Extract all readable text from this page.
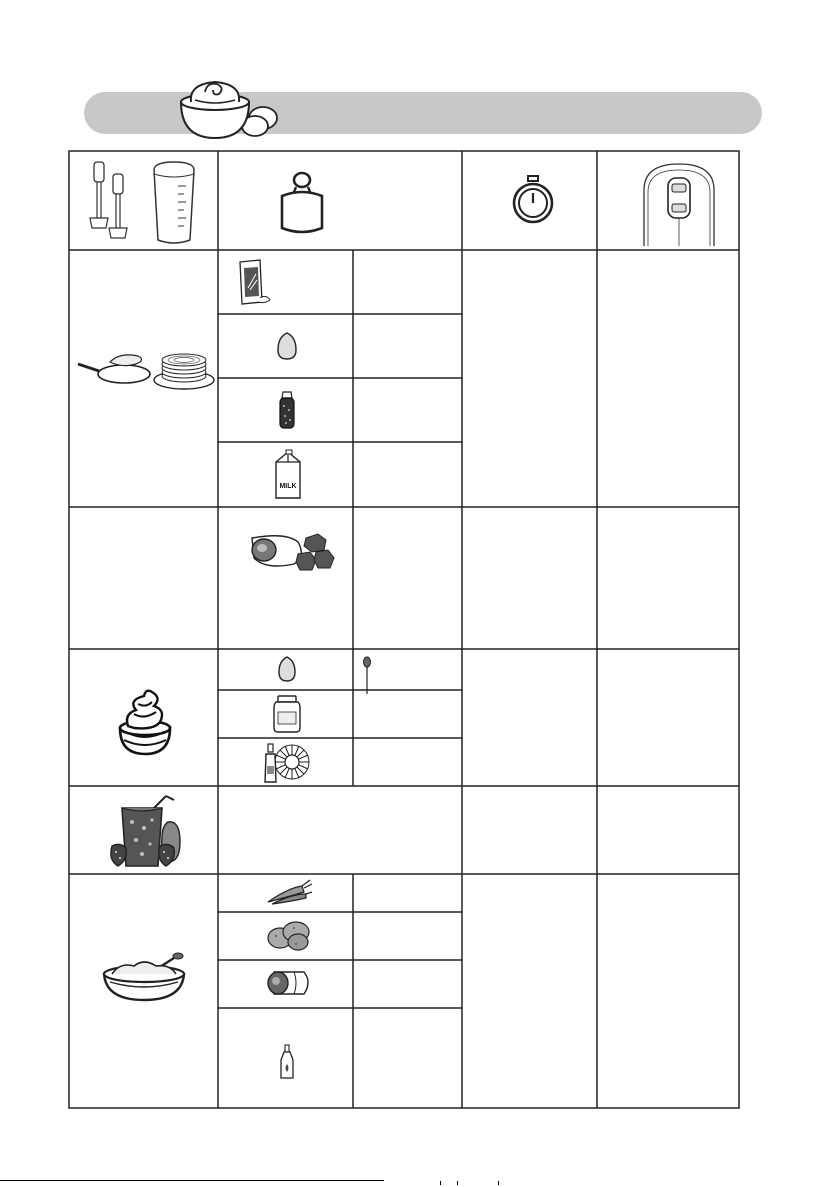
MILK
